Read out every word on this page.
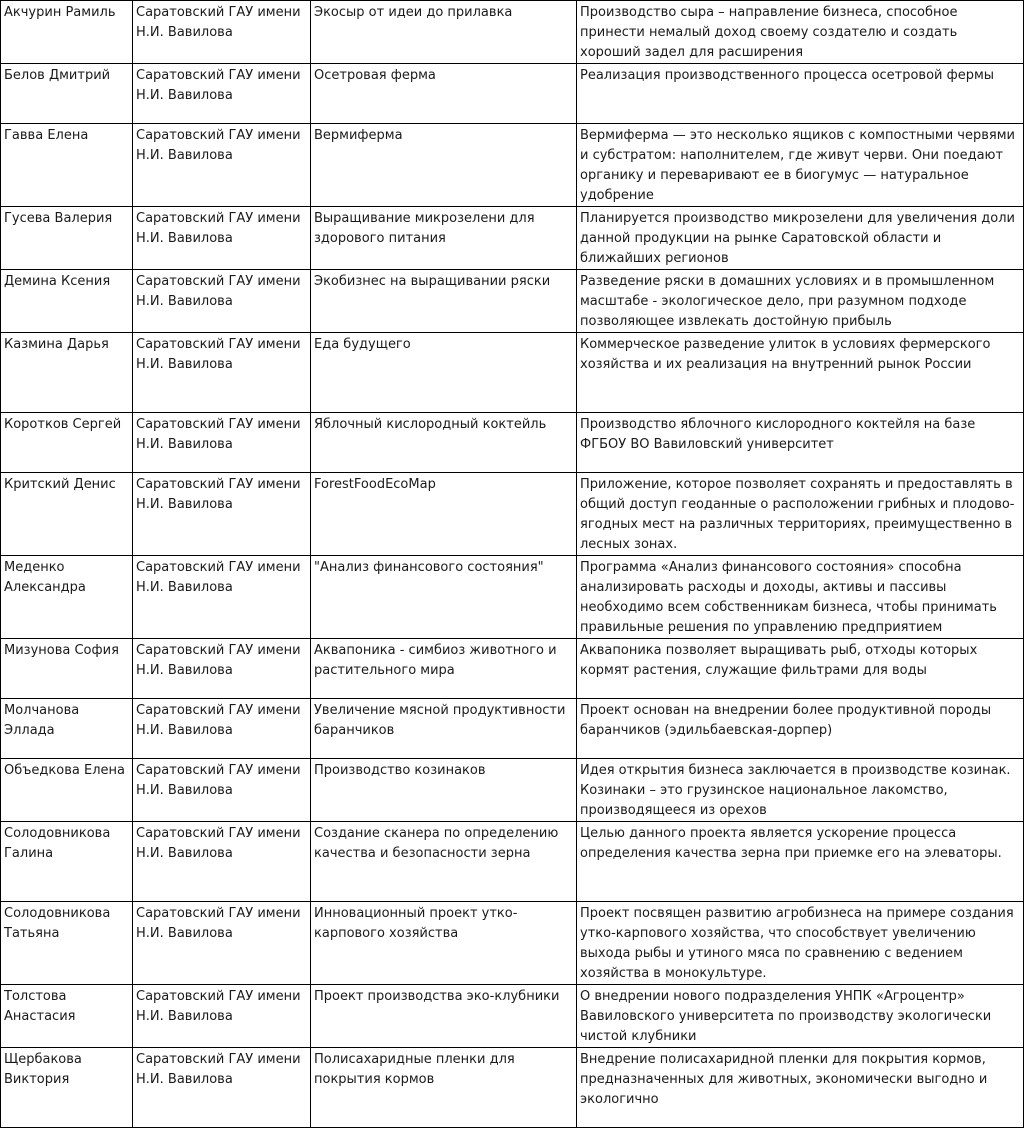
Акчурин Рамиль	Саратовский ГАУ имени Н.И. Вавилова	Экосыр от идеи до прилавка	Производство сыра – направление бизнеса, способное принести немалый доход своему создателю и создать хороший задел для расширения
Белов Дмитрий	Саратовский ГАУ имени Н.И. Вавилова	Осетровая ферма	Реализация производственного процесса осетровой фермы
Гавва Елена	Саратовский ГАУ имени Н.И. Вавилова	Вермиферма	Вермиферма — это несколько ящиков с компостными червями и субстратом: наполнителем, где живут черви. Они поедают органику и переваривают ее в биогумус — натуральное удобрение
Гусева Валерия	Саратовский ГАУ имени Н.И. Вавилова	Выращивание микрозелени для здорового питания	Планируется производство микрозелени для увеличения доли данной продукции на рынке Саратовской области и ближайших регионов
Демина Ксения	Саратовский ГАУ имени Н.И. Вавилова	Экобизнес на выращивании ряски	Разведение ряски в домашних условиях и в промышленном масштабе - экологическое дело, при разумном подходе позволяющее извлекать достойную прибыль
Казмина Дарья	Саратовский ГАУ имени Н.И. Вавилова	Еда будущего	Коммерческое разведение улиток в условиях фермерского хозяйства и их реализация на внутренний рынок России
Коротков Сергей	Саратовский ГАУ имени Н.И. Вавилова	Яблочный кислородный коктейль	Производство яблочного кислородного коктейля на базе ФГБОУ ВО Вавиловский университет
Критский Денис	Саратовский ГАУ имени Н.И. Вавилова	ForestFoodEcoMap	Приложение, которое позволяет сохранять и предоставлять в общий доступ геоданные о расположении грибных и плодово-ягодных мест на различных территориях, преимущественно в лесных зонах.
Меденко Александра	Саратовский ГАУ имени Н.И. Вавилова	"Анализ финансового состояния"	Программа «Анализ финансового состояния» способна анализировать расходы и доходы, активы и пассивы необходимо всем собственникам бизнеса, чтобы принимать правильные решения по управлению предприятием
Мизунова София	Саратовский ГАУ имени Н.И. Вавилова	Аквапоника - симбиоз животного и растительного мира	Аквапоника позволяет выращивать рыб, отходы которых кормят растения, служащие фильтрами для воды
Молчанова Эллада	Саратовский ГАУ имени Н.И. Вавилова	Увеличение мясной продуктивности баранчиков	Проект основан на внедрении более продуктивной породы баранчиков (эдильбаевская-дорпер)
Объедкова Елена	Саратовский ГАУ имени Н.И. Вавилова	Производство козинаков	Идея открытия бизнеса заключается в производстве козинак. Козинаки – это грузинское национальное лакомство, производящееся из орехов
Солодовникова Галина	Саратовский ГАУ имени Н.И. Вавилова	Создание сканера по определению качества и безопасности зерна	Целью данного проекта является ускорение процесса определения качества зерна при приемке его на элеваторы.
Солодовникова Татьяна	Саратовский ГАУ имени Н.И. Вавилова	Инновационный проект утко-карпового хозяйства	Проект посвящен развитию агробизнеса на примере создания утко-карпового хозяйства, что способствует увеличению выхода рыбы и утиного мяса по сравнению с ведением хозяйства в монокультуре.
Толстова Анастасия	Саратовский ГАУ имени Н.И. Вавилова	Проект производства эко-клубники	О внедрении нового подразделения УНПК «Агроцентр» Вавиловского университета по производству экологически чистой клубники
Щербакова Виктория	Саратовский ГАУ имени Н.И. Вавилова	Полисахаридные пленки для покрытия кормов	Внедрение полисахаридной пленки для покрытия кормов, предназначенных для животных, экономически выгодно и экологично
